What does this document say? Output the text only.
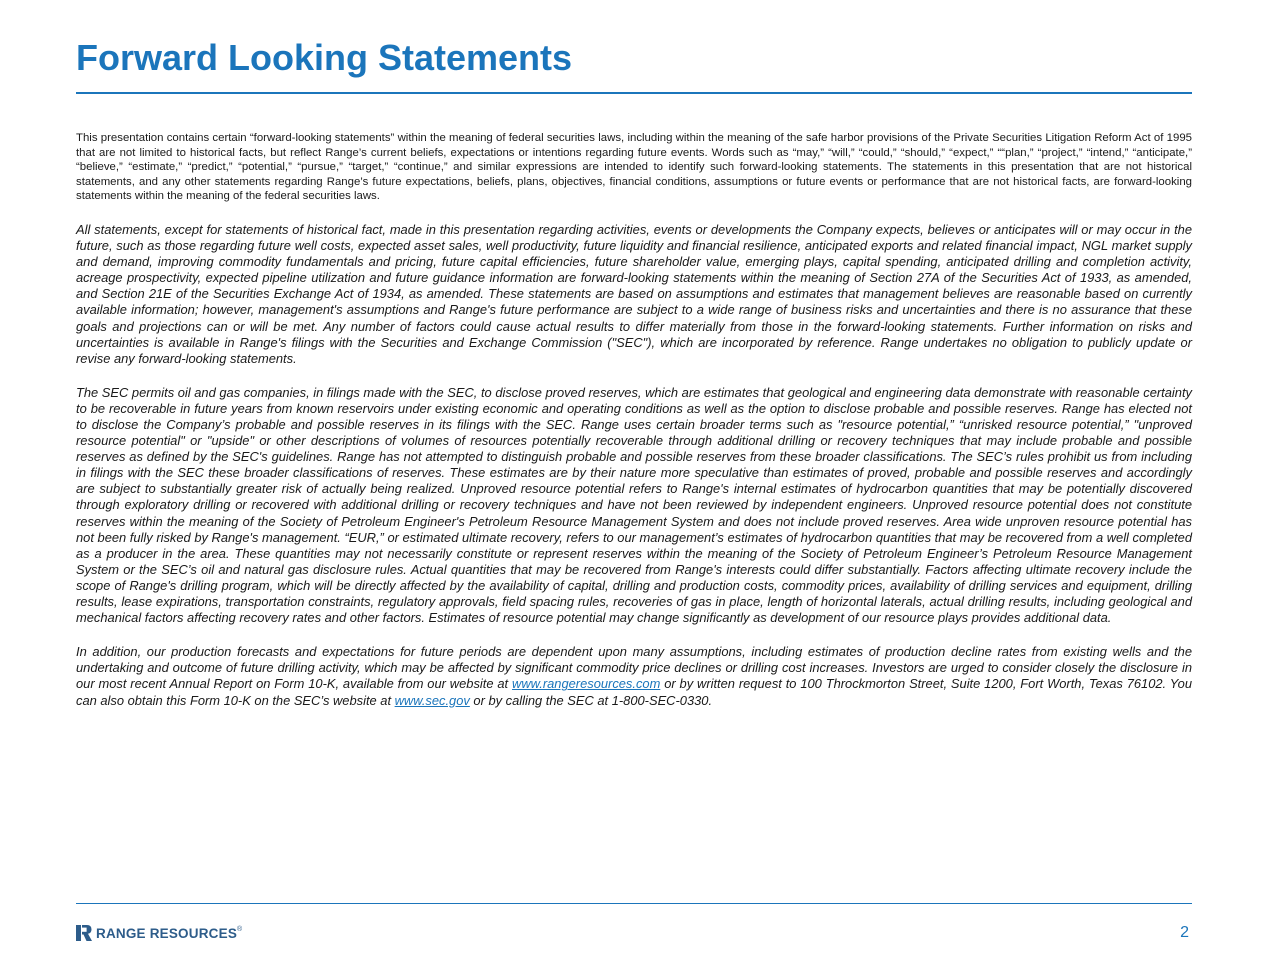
Forward Looking Statements

This presentation contains certain “forward-looking statements” within the meaning of federal securities laws, including within the meaning of the safe harbor provisions of the Private Securities Litigation Reform Act of 1995 that are not limited to historical facts, but reflect Range’s current beliefs, expectations or intentions regarding future events. Words such as “may,” “will,” “could,” “should,” “expect,” ““plan,” “project,” “intend,” “anticipate,” “believe,” “estimate,” “predict,” “potential,” “pursue,” “target,” “continue,” and similar expressions are intended to identify such forward-looking statements. The statements in this presentation that are not historical statements, and any other statements regarding Range’s future expectations, beliefs, plans, objectives, financial conditions, assumptions or future events or performance that are not historical facts, are forward-looking statements within the meaning of the federal securities laws.

All statements, except for statements of historical fact, made in this presentation regarding activities, events or developments the Company expects, believes or anticipates will or may occur in the future, such as those regarding future well costs, expected asset sales, well productivity, future liquidity and financial resilience, anticipated exports and related financial impact, NGL market supply and demand, improving commodity fundamentals and pricing, future capital efficiencies, future shareholder value, emerging plays, capital spending, anticipated drilling and completion activity, acreage prospectivity, expected pipeline utilization and future guidance information are forward-looking statements within the meaning of Section 27A of the Securities Act of 1933, as amended, and Section 21E of the Securities Exchange Act of 1934, as amended. These statements are based on assumptions and estimates that management believes are reasonable based on currently available information; however, management's assumptions and Range's future performance are subject to a wide range of business risks and uncertainties and there is no assurance that these goals and projections can or will be met. Any number of factors could cause actual results to differ materially from those in the forward-looking statements. Further information on risks and uncertainties is available in Range's filings with the Securities and Exchange Commission ("SEC"), which are incorporated by reference. Range undertakes no obligation to publicly update or revise any forward-looking statements.

The SEC permits oil and gas companies, in filings made with the SEC, to disclose proved reserves, which are estimates that geological and engineering data demonstrate with reasonable certainty to be recoverable in future years from known reservoirs under existing economic and operating conditions as well as the option to disclose probable and possible reserves. Range has elected not to disclose the Company’s probable and possible reserves in its filings with the SEC. Range uses certain broader terms such as "resource potential,” “unrisked resource potential,” "unproved resource potential" or "upside" or other descriptions of volumes of resources potentially recoverable through additional drilling or recovery techniques that may include probable and possible reserves as defined by the SEC's guidelines. Range has not attempted to distinguish probable and possible reserves from these broader classifications. The SEC’s rules prohibit us from including in filings with the SEC these broader classifications of reserves. These estimates are by their nature more speculative than estimates of proved, probable and possible reserves and accordingly are subject to substantially greater risk of actually being realized. Unproved resource potential refers to Range's internal estimates of hydrocarbon quantities that may be potentially discovered through exploratory drilling or recovered with additional drilling or recovery techniques and have not been reviewed by independent engineers. Unproved resource potential does not constitute reserves within the meaning of the Society of Petroleum Engineer's Petroleum Resource Management System and does not include proved reserves. Area wide unproven resource potential has not been fully risked by Range's management. “EUR,” or estimated ultimate recovery, refers to our management’s estimates of hydrocarbon quantities that may be recovered from a well completed as a producer in the area. These quantities may not necessarily constitute or represent reserves within the meaning of the Society of Petroleum Engineer’s Petroleum Resource Management System or the SEC’s oil and natural gas disclosure rules. Actual quantities that may be recovered from Range's interests could differ substantially. Factors affecting ultimate recovery include the scope of Range's drilling program, which will be directly affected by the availability of capital, drilling and production costs, commodity prices, availability of drilling services and equipment, drilling results, lease expirations, transportation constraints, regulatory approvals, field spacing rules, recoveries of gas in place, length of horizontal laterals, actual drilling results, including geological and mechanical factors affecting recovery rates and other factors. Estimates of resource potential may change significantly as development of our resource plays provides additional data.

In addition, our production forecasts and expectations for future periods are dependent upon many assumptions, including estimates of production decline rates from existing wells and the undertaking and outcome of future drilling activity, which may be affected by significant commodity price declines or drilling cost increases. Investors are urged to consider closely the disclosure in our most recent Annual Report on Form 10-K, available from our website at www.rangeresources.com or by written request to 100 Throckmorton Street, Suite 1200, Fort Worth, Texas 76102. You can also obtain this Form 10-K on the SEC’s website at www.sec.gov or by calling the SEC at 1-800-SEC-0330.

RANGE RESOURCES®	2
